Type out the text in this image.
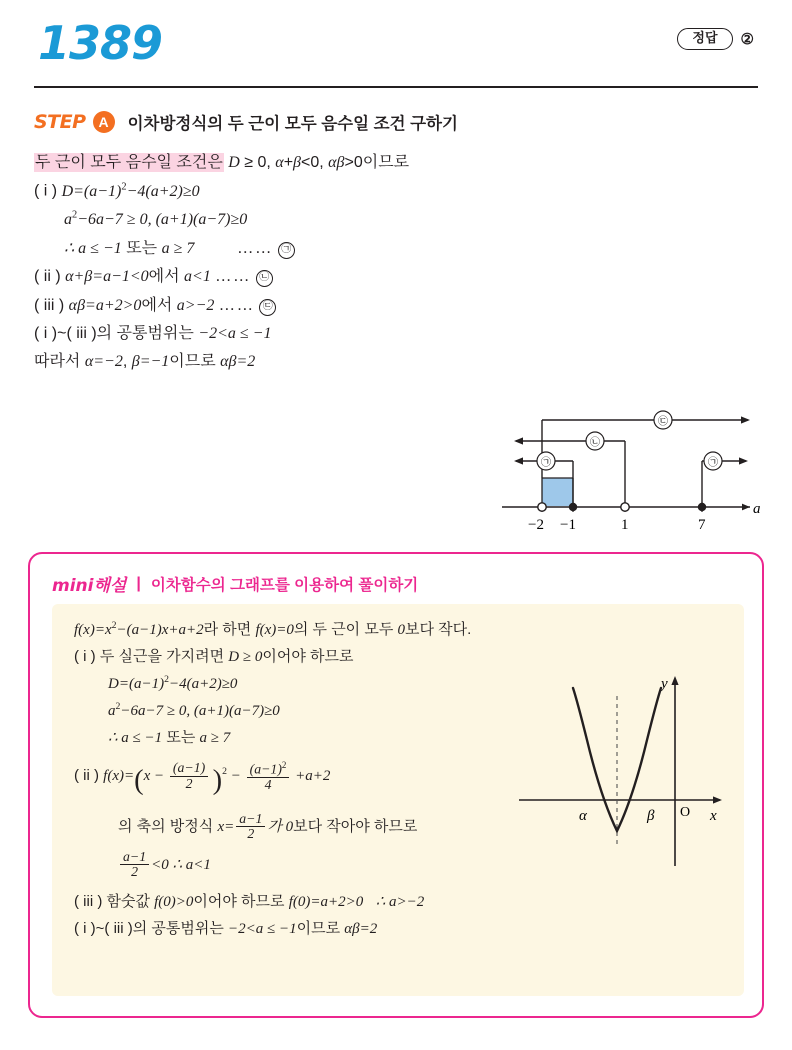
1389	정답	②
STEP A	이차방정식의 두 근이 모두 음수일 조건 구하기
두 근이 모두 음수일 조건은 D ≥ 0, α+β<0, αβ>0이므로
( i ) $D=(a-1)^2-4(a+2)\ge 0$
$a^2-6a-7 \ge 0$, (a+1)(a−7)≥0
∴ a ≤ −1 또는 a ≥ 7	…… ㉠
( ii ) α+β=a−1<0에서 a<1 …… ㉡
( iii ) αβ=a+2>0에서 a>−2 …… ㉢
( i )~( iii )의 공통범위는 −2<a ≤ −1
따라서 α=−2, β=−1이므로 αβ=2
a
−2 −1	1	7
㉢
㉡
㉠	㉠
mini해설 | 이차함수의 그래프를 이용하여 풀이하기
$f(x)=x^2-(a-1)x+a+2$라 하면 f(x)=0의 두 근이 모두 0보다 작다.
( i ) 두 실근을 가지려면 D ≥ 0이어야 하므로
$D=(a-1)^2-4(a+2)\ge 0$
$a^2-6a-7 \ge 0$, (a+1)(a−7)≥0
∴ a ≤ −1 또는 a ≥ 7
( ii ) $f(x)=(x - \frac{(a-1)}{2} )^2 - \frac{(a-1)^2}{4} +a+2$
의 축의 방정식 $x= \frac{a-1}{2}$ 가 0보다 작아야 하므로
$\frac{a-1}{2} <0$ ∴ a<1
( iii ) 함숫값 f(0)>0이어야 하므로 f(0)=a+2>0 ∴ a>−2
( i )~( iii )의 공통범위는 −2<a ≤ −1이므로 αβ=2
x
y
O
α	β
